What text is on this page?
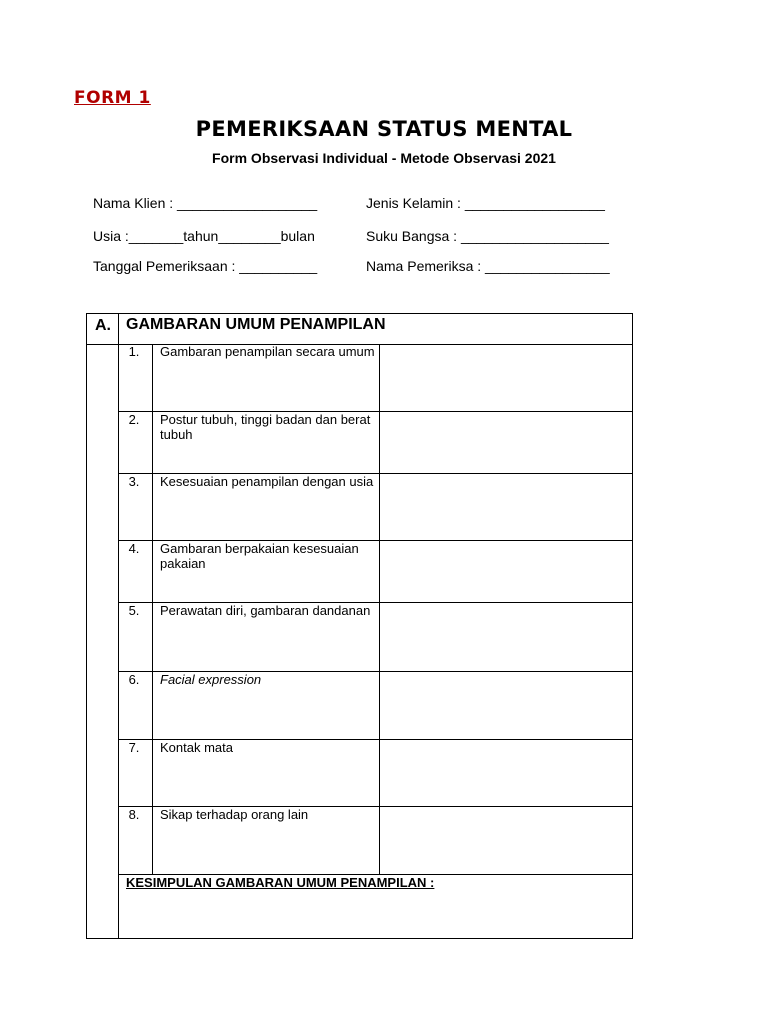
FORM 1
PEMERIKSAAN STATUS MENTAL
Form Observasi Individual - Metode Observasi 2021
Nama Klien : __________________	Jenis Kelamin : __________________
Usia :_______tahun________bulan	Suku Bangsa : ___________________
Tanggal Pemeriksaan : __________	Nama Pemeriksa : ________________
A. GAMBARAN UMUM PENAMPILAN
1.	Gambaran penampilan secara umum
2.	Postur tubuh, tinggi badan dan berat tubuh
3.	Kesesuaian penampilan dengan usia
4.	Gambaran berpakaian kesesuaian pakaian
5.	Perawatan diri, gambaran dandanan
6.	Facial expression
7.	Kontak mata
8.	Sikap terhadap orang lain
KESIMPULAN GAMBARAN UMUM PENAMPILAN :
